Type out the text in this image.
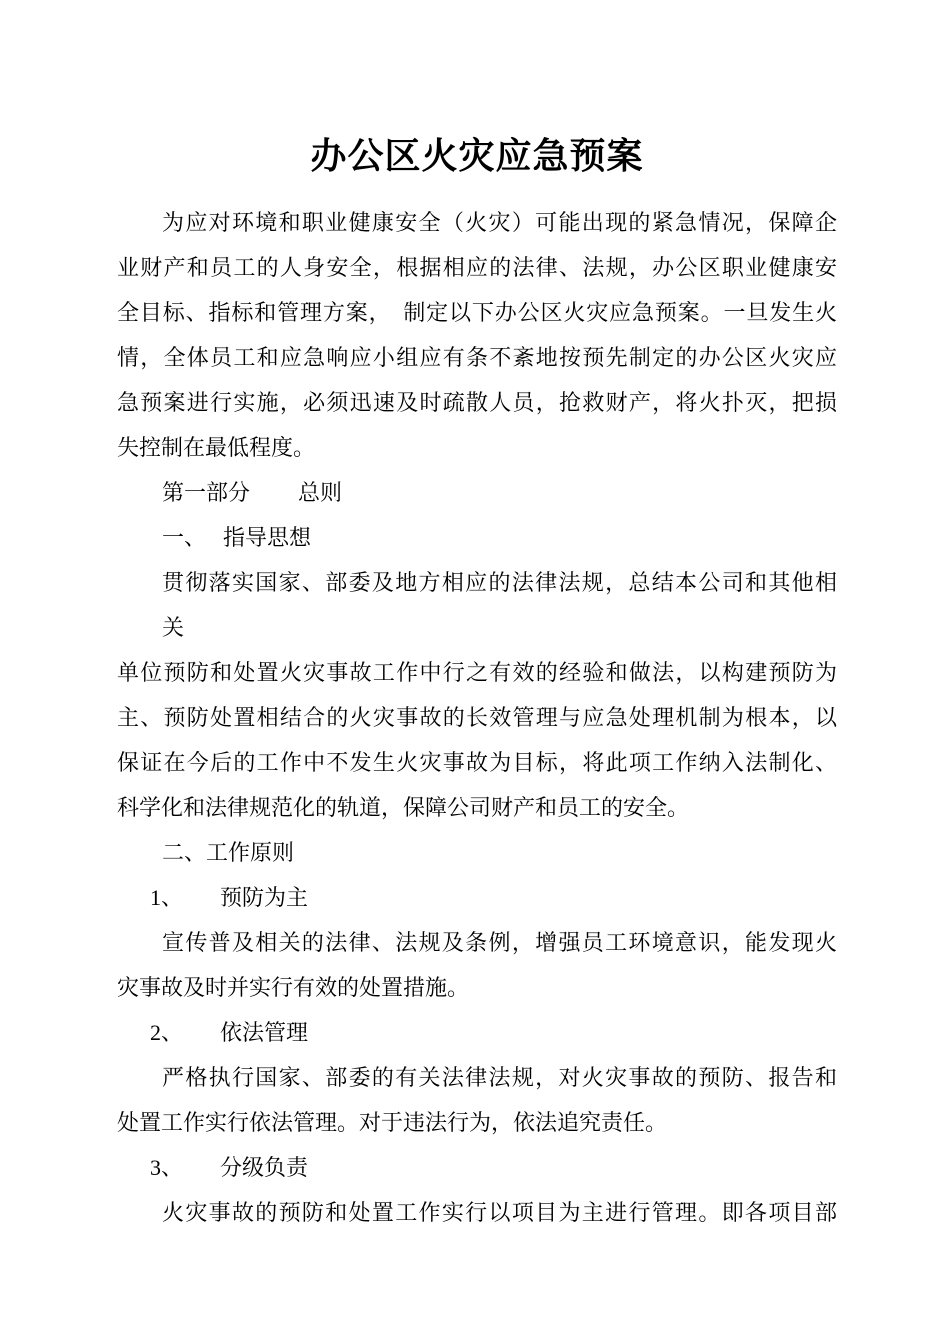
办公区火灾应急预案
为应对环境和职业健康安全（火灾）可能出现的紧急情况，保障企
业财产和员工的人身安全，根据相应的法律、法规，办公区职业健康安
全目标、指标和管理方案，　制定以下办公区火灾应急预案。一旦发生火
情，全体员工和应急响应小组应有条不紊地按预先制定的办公区火灾应
急预案进行实施，必须迅速及时疏散人员，抢救财产，将火扑灭，把损
失控制在最低程度。
第一部分 总则
一、 指导思想
贯彻落实国家、部委及地方相应的法律法规，总结本公司和其他相
关
单位预防和处置火灾事故工作中行之有效的经验和做法，以构建预防为
主、预防处置相结合的火灾事故的长效管理与应急处理机制为根本，以
保证在今后的工作中不发生火灾事故为目标，将此项工作纳入法制化、
科学化和法律规范化的轨道，保障公司财产和员工的安全。
二、工作原则
1、 预防为主
宣传普及相关的法律、法规及条例，增强员工环境意识，能发现火
灾事故及时并实行有效的处置措施。
2、 依法管理
严格执行国家、部委的有关法律法规，对火灾事故的预防、报告和
处置工作实行依法管理。对于违法行为，依法追究责任。
3、 分级负责
火灾事故的预防和处置工作实行以项目为主进行管理。即各项目部
